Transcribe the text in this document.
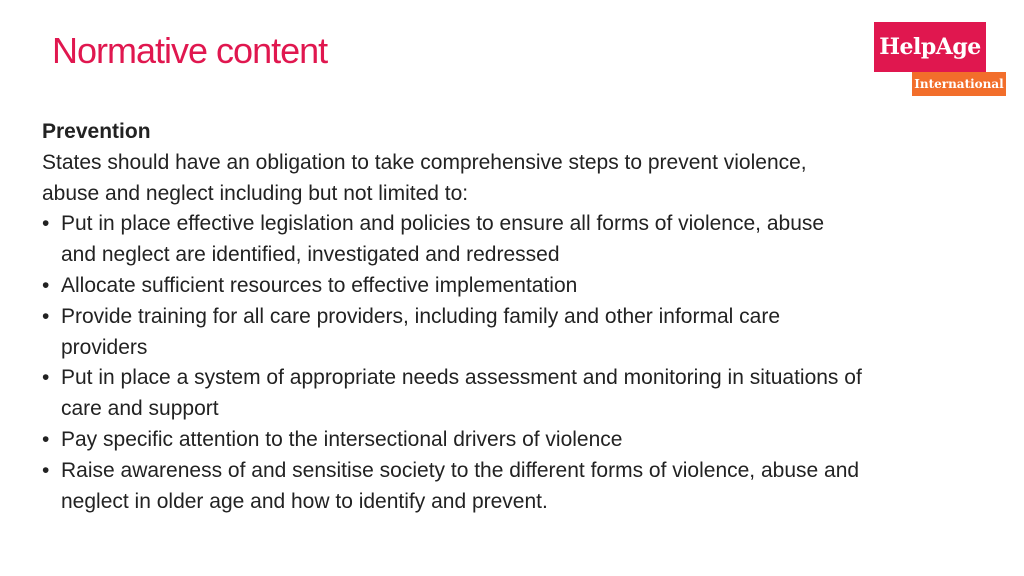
Normative content	HelpAge
International

Prevention

States should have an obligation to take comprehensive steps to prevent violence, abuse and neglect including but not limited to:

• Put in place effective legislation and policies to ensure all forms of violence, abuse and neglect are identified, investigated and redressed
• Allocate sufficient resources to effective implementation
• Provide training for all care providers, including family and other informal care providers
• Put in place a system of appropriate needs assessment and monitoring in situations of care and support
• Pay specific attention to the intersectional drivers of violence
• Raise awareness of and sensitise society to the different forms of violence, abuse and neglect in older age and how to identify and prevent.
